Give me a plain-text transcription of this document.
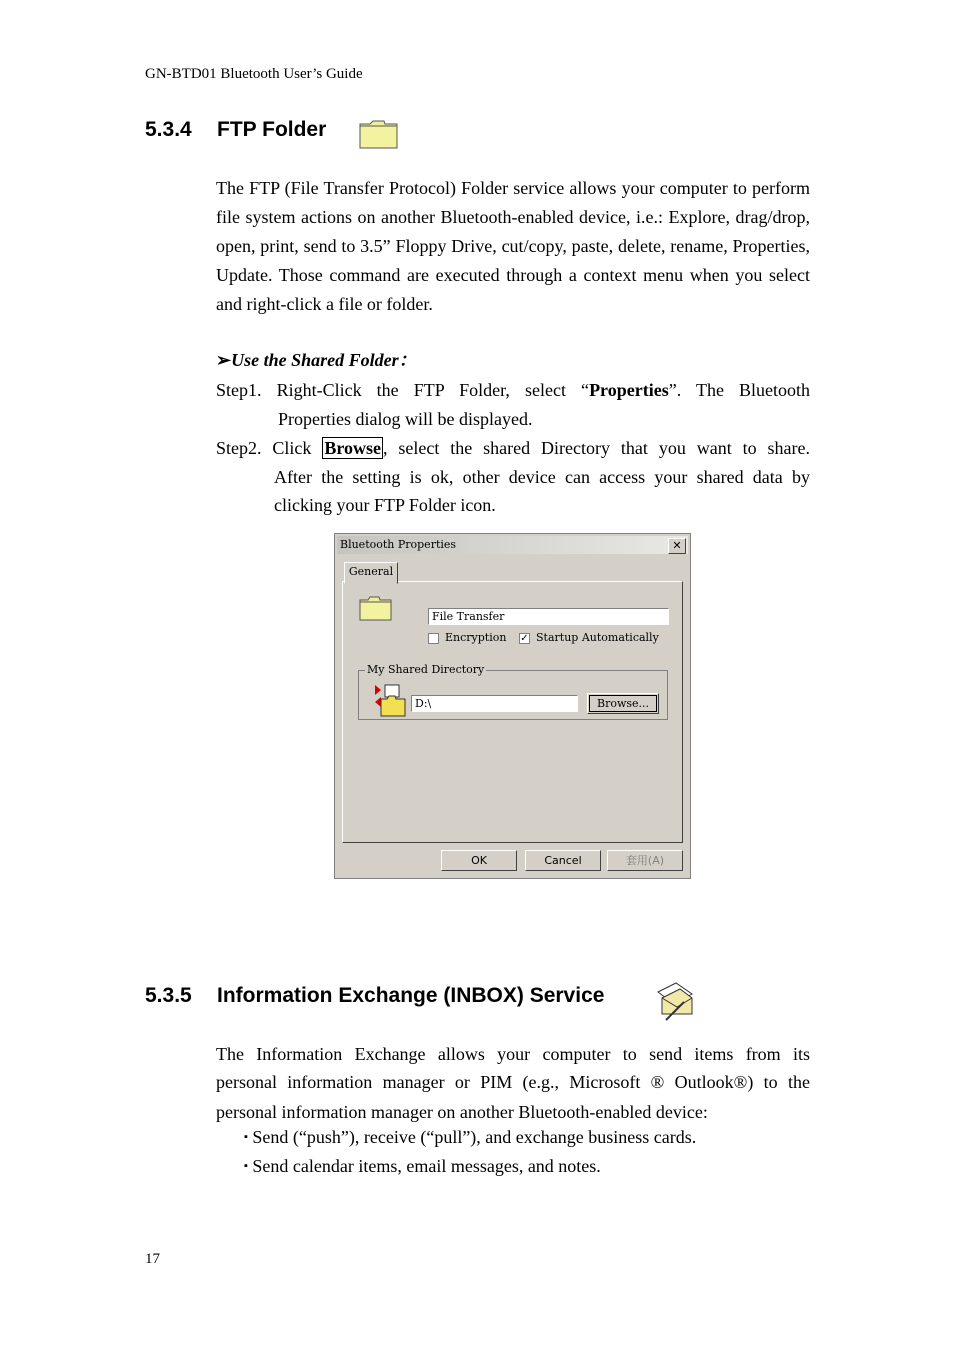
GN-BTD01 Bluetooth User’s Guide
5.3.4 FTP Folder
The FTP (File Transfer Protocol) Folder service allows your computer to perform file system actions on another Bluetooth-enabled device, i.e.: Explore, drag/drop, open, print, send to 3.5” Floppy Drive, cut/copy, paste, delete, rename, Properties, Update. Those command are executed through a context menu when you select and right-click a file or folder.
➢Use the Shared Folder：
Step1. Right-Click the FTP Folder, select “Properties”. The Bluetooth
Properties dialog will be displayed.
Step2. Click Browse , select the shared Directory that you want to share.
After the setting is ok, other device can access your shared data by
clicking your FTP Folder icon.
Bluetooth Properties	✕
General
File Transfer
Encryption ✓ Startup Automatically
My Shared Directory
D:\	Browse...
OK	Cancel	套用(A)
5.3.5 Information Exchange (INBOX) Service
The Information Exchange allows your computer to send items from its
personal information manager or PIM (e.g., Microsoft ® Outlook®) to the
personal information manager on another Bluetooth-enabled device:
▪ Send (“push”), receive (“pull”), and exchange business cards.
▪ Send calendar items, email messages, and notes.
17
